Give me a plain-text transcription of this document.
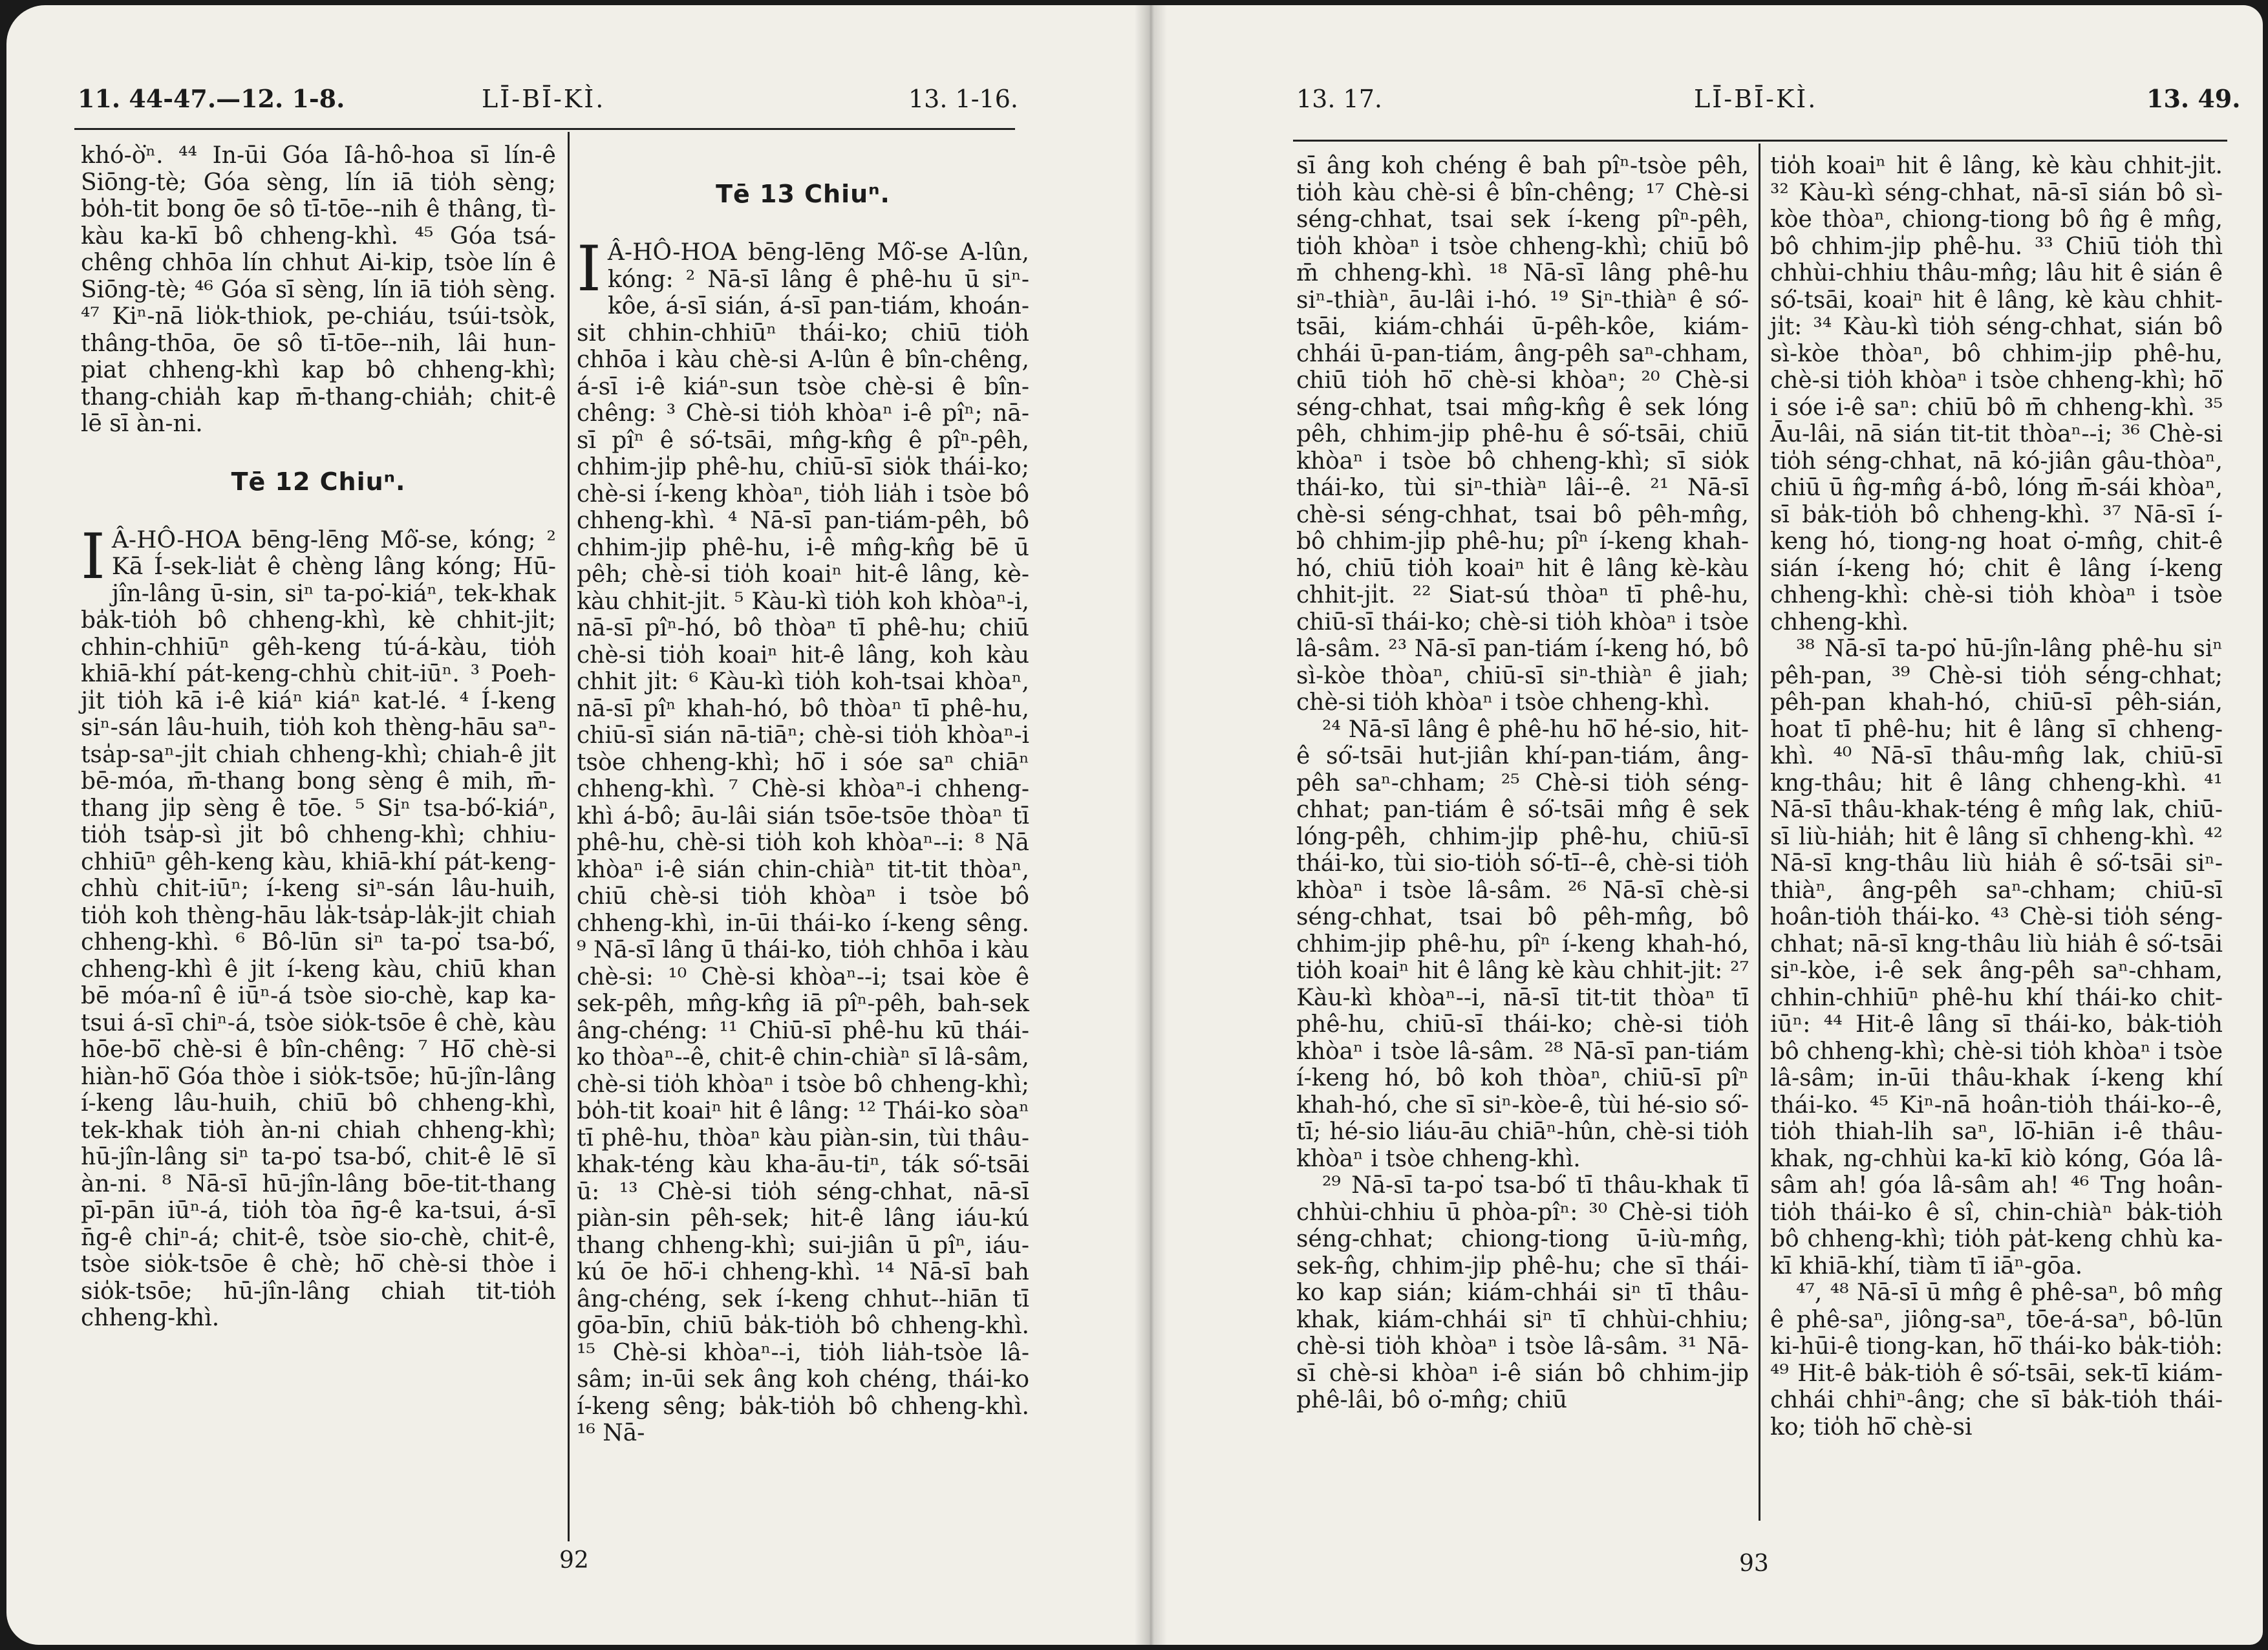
11. 44-47.—12. 1-8.	LĪ-BĪ-KÌ.	13. 1-16.

khó-ò͘ⁿ. ⁴⁴ In-ūi Góa Iâ-hô-hoa sī lín-ê Siōng-tè; Góa sèng, lín iā tio̍h sèng; bo̍h-tit bong ōe sô tī-tōe--nih ê thâng, tì-kàu ka-kī bô chheng-khì. ⁴⁵ Góa tsá-chêng chhōa lín chhut Ai-kip, tsòe lín ê Siōng-tè; ⁴⁶ Góa sī sèng, lín iā tio̍h sèng. ⁴⁷ Kiⁿ-nā lio̍k-thiok, pe-chiáu, tsúi-tsòk, thâng-thōa, ōe sô tī-tōe--nih, lâi hun-piat chheng-khì kap bô chheng-khì; thang-chia̍h kap m̄-thang-chia̍h; chit-ê lē sī àn-ni.

Tē 12 Chiuⁿ.

I Â-HÔ-HOA bēng-lēng Mô͘-se, kóng; ² Kā Í-sek-lia̍t ê chèng lâng kóng; Hū-jîn-lâng ū-sin, siⁿ ta-po͘-kiáⁿ, tek-khak ba̍k-tio̍h bô chheng-khì, kè chhit-ji̍t; chhin-chhiūⁿ gêh-keng tú-á-kàu, tio̍h khiā-khí pát-keng-chhù chit-iūⁿ. ³ Poeh-ji̍t tio̍h kā i-ê kiáⁿ kiáⁿ kat-lé. ⁴ Í-keng siⁿ-sán lâu-huih, tio̍h koh thèng-hāu saⁿ-tsa̍p-saⁿ-ji̍t chiah chheng-khì; chiah-ê ji̍t bē-móa, m̄-thang bong sèng ê mih, m̄-thang ji̍p sèng ê tōe. ⁵ Siⁿ tsa-bó͘-kiáⁿ, tio̍h tsa̍p-sì ji̍t bô chheng-khì; chhiu-chhiūⁿ gêh-keng kàu, khiā-khí pát-keng-chhù chit-iūⁿ; í-keng siⁿ-sán lâu-huih, tio̍h koh thèng-hāu la̍k-tsa̍p-la̍k-ji̍t chiah chheng-khì. ⁶ Bô-lūn siⁿ ta-po͘ tsa-bó͘, chheng-khì ê ji̍t í-keng kàu, chiū khan bē móa-nî ê iūⁿ-á tsòe sio-chè, kap ka-tsui á-sī chiⁿ-á, tsòe sio̍k-tsōe ê chè, kàu hōe-bō͘ chè-si ê bîn-chêng: ⁷ Hō͘ chè-si hiàn-hō͘ Góa thòe i sio̍k-tsōe; hū-jîn-lâng í-keng lâu-huih, chiū bô chheng-khì, tek-khak tio̍h àn-ni chiah chheng-khì; hū-jîn-lâng siⁿ ta-po͘ tsa-bó͘, chit-ê lē sī àn-ni. ⁸ Nā-sī hū-jîn-lâng bōe-tit-thang pī-pān iūⁿ-á, tio̍h tòa n̄g-ê ka-tsui, á-sī n̄g-ê chiⁿ-á; chit-ê, tsòe sio-chè, chit-ê, tsòe sio̍k-tsōe ê chè; hō͘ chè-si thòe i sio̍k-tsōe; hū-jîn-lâng chiah tit-tio̍h chheng-khì.

Tē 13 Chiuⁿ.

I Â-HÔ-HOA bēng-lēng Mô͘-se A-lûn, kóng: ² Nā-sī lâng ê phê-hu ū siⁿ-kôe, á-sī sián, á-sī pan-tiám, khoán-sit chhin-chhiūⁿ thái-ko; chiū tio̍h chhōa i kàu chè-si A-lûn ê bîn-chêng, á-sī i-ê kiáⁿ-sun tsòe chè-si ê bîn-chêng: ³ Chè-si tio̍h khòaⁿ i-ê pîⁿ; nā-sī pîⁿ ê só͘-tsāi, mn̂g-kn̂g ê pîⁿ-pêh, chhim-ji̍p phê-hu, chiū-sī sio̍k thái-ko; chè-si í-keng khòaⁿ, tio̍h lia̍h i tsòe bô chheng-khì. ⁴ Nā-sī pan-tiám-pêh, bô chhim-ji̍p phê-hu, i-ê mn̂g-kn̂g bē ū pêh; chè-si tio̍h koaiⁿ hit-ê lâng, kè-kàu chhit-ji̍t. ⁵ Kàu-kì tio̍h koh khòaⁿ-i, nā-sī pîⁿ-hó, bô thòaⁿ tī phê-hu; chiū chè-si tio̍h koaiⁿ hit-ê lâng, koh kàu chhit ji̍t: ⁶ Kàu-kì tio̍h koh-tsai khòaⁿ, nā-sī pîⁿ khah-hó, bô thòaⁿ tī phê-hu, chiū-sī sián nā-tiāⁿ; chè-si tio̍h khòaⁿ-i tsòe chheng-khì; hō͘ i sóe saⁿ chiāⁿ chheng-khì. ⁷ Chè-si khòaⁿ-i chheng-khì á-bô; āu-lâi sián tsōe-tsōe thòaⁿ tī phê-hu, chè-si tio̍h koh khòaⁿ--i: ⁸ Nā khòaⁿ i-ê sián chin-chiàⁿ tit-tit thòaⁿ, chiū chè-si tio̍h khòaⁿ i tsòe bô chheng-khì, in-ūi thái-ko í-keng sêng. ⁹ Nā-sī lâng ū thái-ko, tio̍h chhōa i kàu chè-si: ¹⁰ Chè-si khòaⁿ--i; tsai kòe ê sek-pêh, mn̂g-kn̂g iā pîⁿ-pêh, bah-sek âng-chéng: ¹¹ Chiū-sī phê-hu kū thái-ko thòaⁿ--ê, chit-ê chin-chiàⁿ sī lâ-sâm, chè-si tio̍h khòaⁿ i tsòe bô chheng-khì; bo̍h-tit koaiⁿ hit ê lâng: ¹² Thái-ko sòaⁿ tī phê-hu, thòaⁿ kàu piàn-sin, tùi thâu-khak-téng kàu kha-āu-tiⁿ, ták só͘-tsāi ū: ¹³ Chè-si tio̍h séng-chhat, nā-sī piàn-sin pêh-sek; hit-ê lâng iáu-kú thang chheng-khì; sui-jiân ū pîⁿ, iáu-kú ōe hō͘-i chheng-khì. ¹⁴ Nā-sī bah âng-chéng, sek í-keng chhut--hiān tī gōa-bīn, chiū ba̍k-tio̍h bô chheng-khì. ¹⁵ Chè-si khòaⁿ--i, tio̍h lia̍h-tsòe lâ-sâm; in-ūi sek âng koh chéng, thái-ko í-keng sêng; ba̍k-tio̍h bô chheng-khì. ¹⁶ Nā-

92
13. 17.	LĪ-BĪ-KÌ.	13. 49.

sī âng koh chéng ê bah pîⁿ-tsòe pêh, tio̍h kàu chè-si ê bîn-chêng; ¹⁷ Chè-si séng-chhat, tsai sek í-keng pîⁿ-pêh, tio̍h khòaⁿ i tsòe chheng-khì; chiū bô m̄ chheng-khì. ¹⁸ Nā-sī lâng phê-hu siⁿ-thiàⁿ, āu-lâi i-hó. ¹⁹ Siⁿ-thiàⁿ ê só͘-tsāi, kiám-chhái ū-pêh-kôe, kiám-chhái ū-pan-tiám, âng-pêh saⁿ-chham, chiū tio̍h hō͘ chè-si khòaⁿ; ²⁰ Chè-si séng-chhat, tsai mn̂g-kn̂g ê sek lóng pêh, chhim-ji̍p phê-hu ê só͘-tsāi, chiū khòaⁿ i tsòe bô chheng-khì; sī sio̍k thái-ko, tùi siⁿ-thiàⁿ lâi--ê. ²¹ Nā-sī chè-si séng-chhat, tsai bô pêh-mn̂g, bô chhim-ji̍p phê-hu; pîⁿ í-keng khah-hó, chiū tio̍h koaiⁿ hit ê lâng kè-kàu chhit-ji̍t. ²² Siat-sú thòaⁿ tī phê-hu, chiū-sī thái-ko; chè-si tio̍h khòaⁿ i tsòe lâ-sâm. ²³ Nā-sī pan-tiám í-keng hó, bô sì-kòe thòaⁿ, chiū-sī siⁿ-thiàⁿ ê jiah; chè-si tio̍h khòaⁿ i tsòe chheng-khì.

²⁴ Nā-sī lâng ê phê-hu hō͘ hé-sio, hit-ê só͘-tsāi hut-jiân khí-pan-tiám, âng-pêh saⁿ-chham; ²⁵ Chè-si tio̍h séng-chhat; pan-tiám ê só͘-tsāi mn̂g ê sek lóng-pêh, chhim-ji̍p phê-hu, chiū-sī thái-ko, tùi sio-tio̍h só͘-tī--ê, chè-si tio̍h khòaⁿ i tsòe lâ-sâm. ²⁶ Nā-sī chè-si séng-chhat, tsai bô pêh-mn̂g, bô chhim-ji̍p phê-hu, pîⁿ í-keng khah-hó, tio̍h koaiⁿ hit ê lâng kè kàu chhit-ji̍t: ²⁷ Kàu-kì khòaⁿ--i, nā-sī tit-tit thòaⁿ tī phê-hu, chiū-sī thái-ko; chè-si tio̍h khòaⁿ i tsòe lâ-sâm. ²⁸ Nā-sī pan-tiám í-keng hó, bô koh thòaⁿ, chiū-sī pîⁿ khah-hó, che sī siⁿ-kòe-ê, tùi hé-sio só͘-tī; hé-sio liáu-āu chiāⁿ-hûn, chè-si tio̍h khòaⁿ i tsòe chheng-khì.

²⁹ Nā-sī ta-po͘ tsa-bó͘ tī thâu-khak tī chhùi-chhiu ū phòa-pîⁿ: ³⁰ Chè-si tio̍h séng-chhat; chiong-tiong ū-iù-mn̂g, sek-n̂g, chhim-ji̍p phê-hu; che sī thái-ko kap sián; kiám-chhái siⁿ tī thâu-khak, kiám-chhái siⁿ tī chhùi-chhiu; chè-si tio̍h khòaⁿ i tsòe lâ-sâm. ³¹ Nā-sī chè-si khòaⁿ i-ê sián bô chhim-ji̍p phê-lâi, bô o͘-mn̂g; chiū

tio̍h koaiⁿ hit ê lâng, kè kàu chhit-ji̍t. ³² Kàu-kì séng-chhat, nā-sī sián bô sì-kòe thòaⁿ, chiong-tiong bô n̂g ê mn̂g, bô chhim-ji̍p phê-hu. ³³ Chiū tio̍h thì chhùi-chhiu thâu-mn̂g; lâu hit ê sián ê só͘-tsāi, koaiⁿ hit ê lâng, kè kàu chhit-ji̍t: ³⁴ Kàu-kì tio̍h séng-chhat, sián bô sì-kòe thòaⁿ, bô chhim-ji̍p phê-hu, chè-si tio̍h khòaⁿ i tsòe chheng-khì; hō͘ i sóe i-ê saⁿ: chiū bô m̄ chheng-khì. ³⁵ Āu-lâi, nā sián tit-tit thòaⁿ--i; ³⁶ Chè-si tio̍h séng-chhat, nā kó-jiân gâu-thòaⁿ, chiū ū n̂g-mn̂g á-bô, lóng m̄-sái khòaⁿ, sī ba̍k-tio̍h bô chheng-khì. ³⁷ Nā-sī í-keng hó, tiong-ng hoat o͘-mn̂g, chit-ê sián í-keng hó; chit ê lâng í-keng chheng-khì: chè-si tio̍h khòaⁿ i tsòe chheng-khì.

³⁸ Nā-sī ta-po͘ hū-jîn-lâng phê-hu siⁿ pêh-pan, ³⁹ Chè-si tio̍h séng-chhat; pêh-pan khah-hó, chiū-sī pêh-sián, hoat tī phê-hu; hit ê lâng sī chheng-khì. ⁴⁰ Nā-sī thâu-mn̂g lak, chiū-sī kng-thâu; hit ê lâng chheng-khì. ⁴¹ Nā-sī thâu-khak-téng ê mn̂g lak, chiū-sī liù-hia̍h; hit ê lâng sī chheng-khì. ⁴² Nā-sī kng-thâu liù hia̍h ê só͘-tsāi siⁿ-thiàⁿ, âng-pêh saⁿ-chham; chiū-sī hoân-tio̍h thái-ko. ⁴³ Chè-si tio̍h séng-chhat; nā-sī kng-thâu liù hia̍h ê só͘-tsāi siⁿ-kòe, i-ê sek âng-pêh saⁿ-chham, chhin-chhiūⁿ phê-hu khí thái-ko chit-iūⁿ: ⁴⁴ Hit-ê lâng sī thái-ko, ba̍k-tio̍h bô chheng-khì; chè-si tio̍h khòaⁿ i tsòe lâ-sâm; in-ūi thâu-khak í-keng khí thái-ko. ⁴⁵ Kiⁿ-nā hoân-tio̍h thái-ko--ê, tio̍h thiah-li̍h saⁿ, lō͘-hiān i-ê thâu-khak, ng-chhùi ka-kī kiò kóng, Góa lâ-sâm ah! góa lâ-sâm ah! ⁴⁶ Tng hoân-tio̍h thái-ko ê sî, chin-chiàⁿ ba̍k-tio̍h bô chheng-khì; tio̍h pa̍t-keng chhù ka-kī khiā-khí, tiàm tī iāⁿ-gōa.

⁴⁷, ⁴⁸ Nā-sī ū mn̂g ê phê-saⁿ, bô mn̂g ê phê-saⁿ, jiông-saⁿ, tōe-á-saⁿ, bô-lūn ki-hūi-ê tiong-kan, hō͘ thái-ko ba̍k-tio̍h: ⁴⁹ Hit-ê ba̍k-tio̍h ê só͘-tsāi, sek-tī kiám-chhái chhiⁿ-âng; che sī ba̍k-tio̍h thái-ko; tio̍h hō͘ chè-si

93
